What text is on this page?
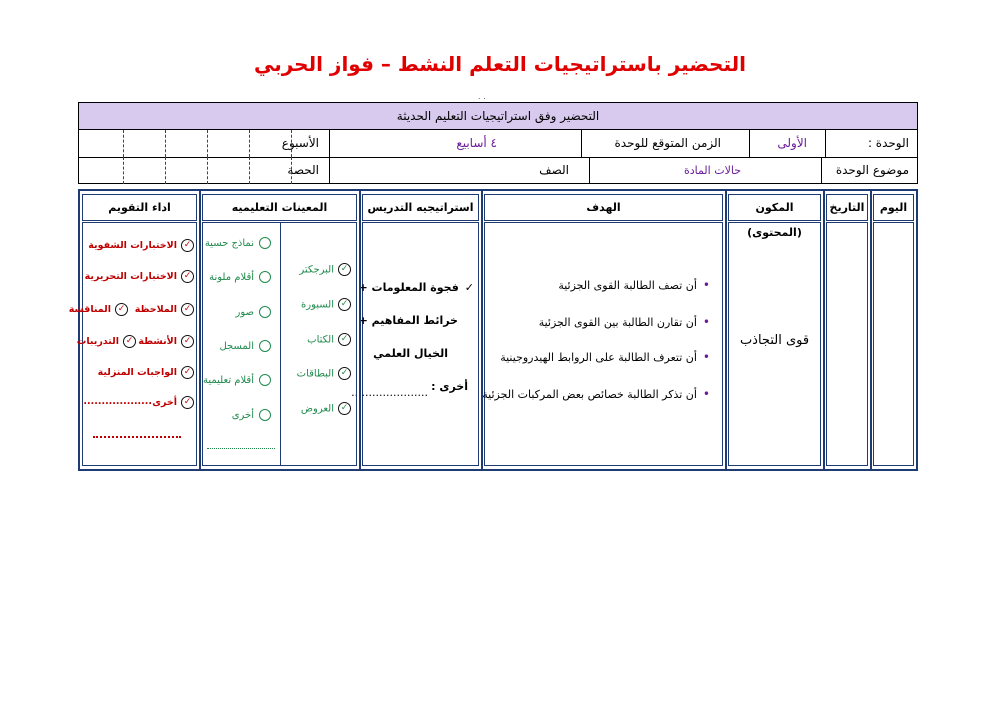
التحضير باستراتيجيات التعلم النشط – فواز الحربي
. .
التحضير وفق استراتيجيات التعليم الحديثة
الوحدة :
الأولى
الزمن المتوقع للوحدة
٤ أسابيع
الأسبوع
موضوع الوحدة
حالات المادة
الصف
الحصة
اليوم
التاريخ
المكون (المحتوى)
قوى التجاذب
الهدف
•أن تصف الطالبة القوى الجزئية
•أن تقارن الطالبة بين القوى الجزئية
•أن تتعرف الطالبة على الروابط الهيدروجينية
•أن تذكر الطالبة خصائص بعض المركبات الجزئية
استراتيجيه التدريس
✓فجوة المعلومات +
خرائط المفاهيم +
الخيال العلمي
أخرى :
......................
المعينات التعليميه
✓البرجكتر
✓السبورة
✓الكتاب
✓البطاقات
✓العروض
نماذج حسية
أقلام ملونة
صور
المسجل
أقلام تعليمية
أخرى
اداء التقويم
✓الاختبارات الشفوية
✓الاختبارات التحريرية
✓الملاحظة
✓المناقشة
✓الأنشطة
✓التدريبات
✓الواجبات المنزلية
✓أخرى
...................
